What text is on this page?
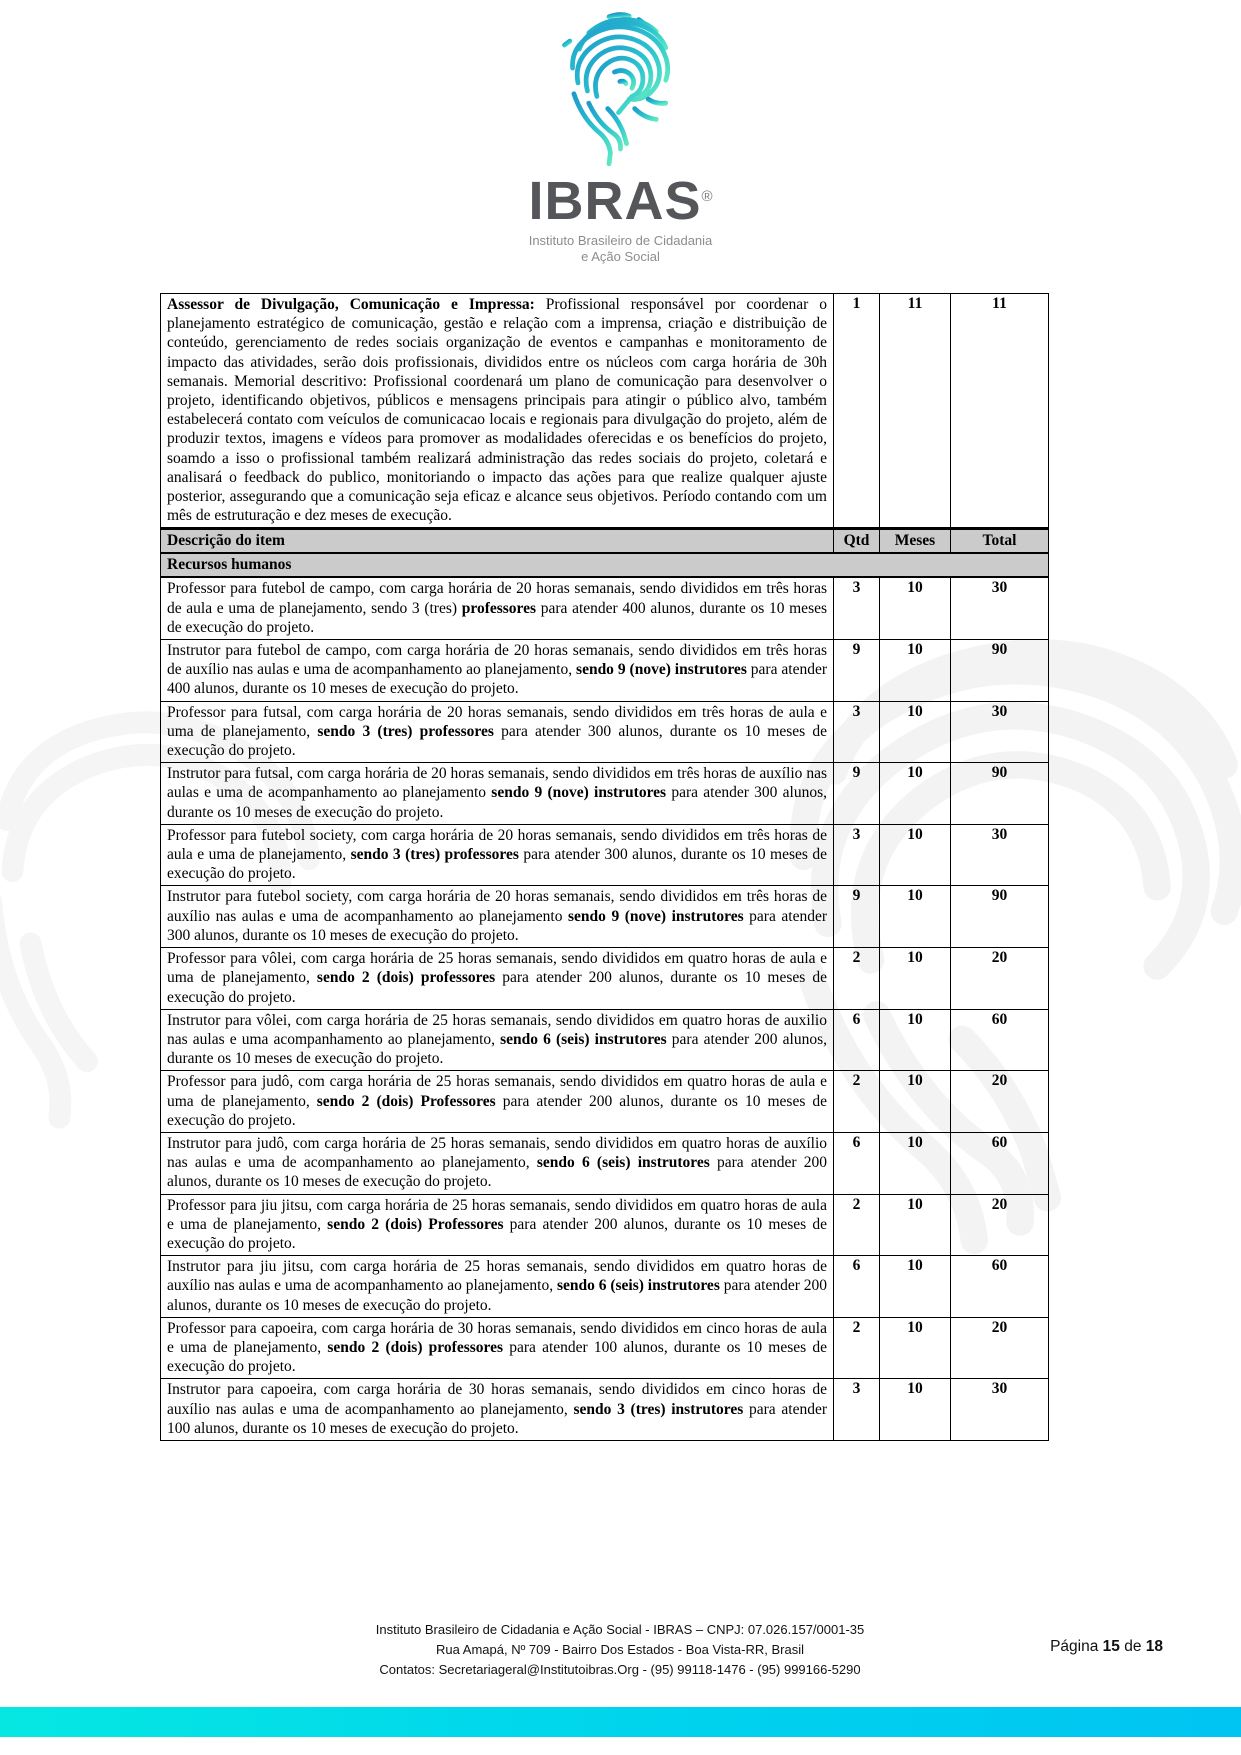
IBRAS®
Instituto Brasileiro de Cidadania
e Ação Social
Assessor de Divulgação, Comunicação e Impressa: Profissional responsável por coordenar o planejamento estratégico de comunicação, gestão e relação com a imprensa, criação e distribuição de conteúdo, gerenciamento de redes sociais organização de eventos e campanhas e monitoramento de impacto das atividades, serão dois profissionais, divididos entre os núcleos com carga horária de 30h semanais. Memorial descritivo: Profissional coordenará um plano de comunicação para desenvolver o projeto, identificando objetivos, públicos e mensagens principais para atingir o público alvo, também estabelecerá contato com veículos de comunicacao locais e regionais para divulgação do projeto, além de produzir textos, imagens e vídeos para promover as modalidades oferecidas e os benefícios do projeto, soamdo a isso o profissional também realizará administração das redes sociais do projeto, coletará e analisará o feedback do publico, monitoriando o impacto das ações para que realize qualquer ajuste posterior, assegurando que a comunicação seja eficaz e alcance seus objetivos. Período contando com um mês de estruturação e dez meses de execução.	1	11	11
Descrição do item	Qtd	Meses	Total
Recursos humanos			
Professor para futebol de campo, com carga horária de 20 horas semanais, sendo divididos em três horas de aula e uma de planejamento, sendo 3 (tres) professores para atender 400 alunos, durante os 10 meses de execução do projeto.	3	10	30
Instrutor para futebol de campo, com carga horária de 20 horas semanais, sendo divididos em três horas de auxílio nas aulas e uma de acompanhamento ao planejamento, sendo 9 (nove) instrutores para atender 400 alunos, durante os 10 meses de execução do projeto.	9	10	90
Professor para futsal, com carga horária de 20 horas semanais, sendo divididos em três horas de aula e uma de planejamento, sendo 3 (tres) professores para atender 300 alunos, durante os 10 meses de execução do projeto.	3	10	30
Instrutor para futsal, com carga horária de 20 horas semanais, sendo divididos em três horas de auxílio nas aulas e uma de acompanhamento ao planejamento sendo 9 (nove) instrutores para atender 300 alunos, durante os 10 meses de execução do projeto.	9	10	90
Professor para futebol society, com carga horária de 20 horas semanais, sendo divididos em três horas de aula e uma de planejamento, sendo 3 (tres) professores para atender 300 alunos, durante os 10 meses de execução do projeto.	3	10	30
Instrutor para futebol society, com carga horária de 20 horas semanais, sendo divididos em três horas de auxílio nas aulas e uma de acompanhamento ao planejamento sendo 9 (nove) instrutores para atender 300 alunos, durante os 10 meses de execução do projeto.	9	10	90
Professor para vôlei, com carga horária de 25 horas semanais, sendo divididos em quatro horas de aula e uma de planejamento, sendo 2 (dois) professores para atender 200 alunos, durante os 10 meses de execução do projeto.	2	10	20
Instrutor para vôlei, com carga horária de 25 horas semanais, sendo divididos em quatro horas de auxilio nas aulas e uma acompanhamento ao planejamento, sendo 6 (seis) instrutores para atender 200 alunos, durante os 10 meses de execução do projeto.	6	10	60
Professor para judô, com carga horária de 25 horas semanais, sendo divididos em quatro horas de aula e uma de planejamento, sendo 2 (dois) Professores para atender 200 alunos, durante os 10 meses de execução do projeto.	2	10	20
Instrutor para judô, com carga horária de 25 horas semanais, sendo divididos em quatro horas de auxílio nas aulas e uma de acompanhamento ao planejamento, sendo 6 (seis) instrutores para atender 200 alunos, durante os 10 meses de execução do projeto.	6	10	60
Professor para jiu jitsu, com carga horária de 25 horas semanais, sendo divididos em quatro horas de aula e uma de planejamento, sendo 2 (dois) Professores para atender 200 alunos, durante os 10 meses de execução do projeto.	2	10	20
Instrutor para jiu jitsu, com carga horária de 25 horas semanais, sendo divididos em quatro horas de auxílio nas aulas e uma de acompanhamento ao planejamento, sendo 6 (seis) instrutores para atender 200 alunos, durante os 10 meses de execução do projeto.	6	10	60
Professor para capoeira, com carga horária de 30 horas semanais, sendo divididos em cinco horas de aula e uma de planejamento, sendo 2 (dois) professores para atender 100 alunos, durante os 10 meses de execução do projeto.	2	10	20
Instrutor para capoeira, com carga horária de 30 horas semanais, sendo divididos em cinco horas de auxílio nas aulas e uma de acompanhamento ao planejamento, sendo 3 (tres) instrutores para atender 100 alunos, durante os 10 meses de execução do projeto.	3	10	30
Instituto Brasileiro de Cidadania e Ação Social - IBRAS – CNPJ: 07.026.157/0001-35
Rua Amapá, Nº 709 - Bairro Dos Estados - Boa Vista-RR, Brasil
Contatos: Secretariageral@Institutoibras.Org - (95) 99118-1476 - (95) 999166-5290
Página 15 de 18
